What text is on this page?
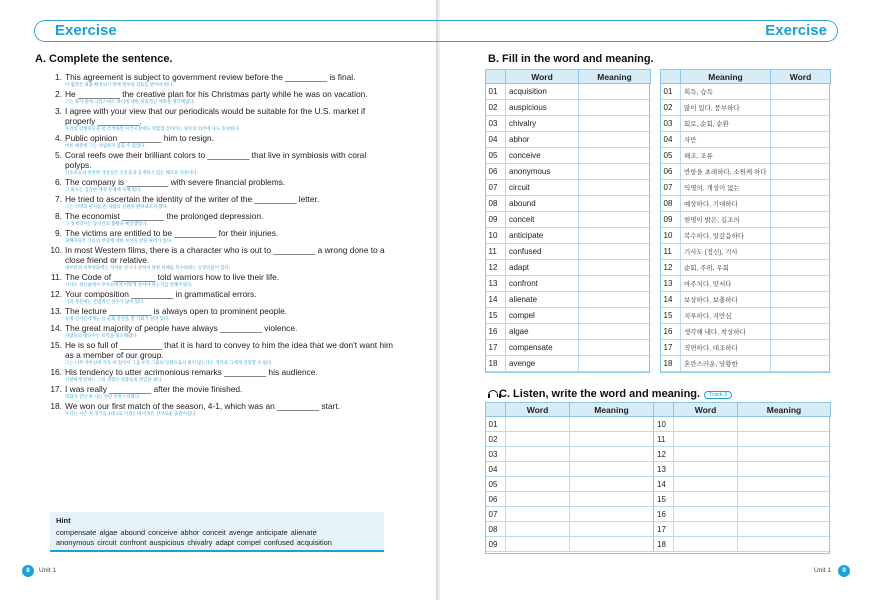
Exercise
A. Complete the sentence.
1. This agreement is subject to government review before the _________ is final.
이 협약은 최종 확정되기 전에 정부의 검토를 받아야 한다.
2. He _________ the creative plan for his Christmas party while he was on vacation.
그는 휴가 중에 크리스마스 파티에 대한 창의적인 계획을 생각해냈다.
3. I agree with your view that our periodicals would be suitable for the U.S. market if properly _________.
우리의 간행물들을 잘 각색하면 미국시장에도 적합할 것이라는 당신의 의견에 나도 동의한다.
4. Public opinion _________ him to resign.
여론 때문에 그는 사임하지 않을 수 없었다.
5. Coral reefs owe their brilliant colors to _________ that live in symbiosis with coral polyps.
산호초들의 찬란한 색상들은 산호충과 공생하고 있는 해조류 덕분이다.
6. The company is _________ with severe financial problems.
그 회사는 심각한 재정 문제에 처해 있다.
7. He tried to ascertain the identity of the writer of the _________ letter.
그는 익명의 편지를 쓴 사람의 신원을 밝혀내고자 했다.
8. The economist _________ the prolonged depression.
그 경제학자는 장기간의 불황을 예상했었다.
9. The victims are entitled to be _________ for their injuries.
피해자들은 그들의 부상에 대한 보상을 받을 권리가 있다.
10. In most Western films, there is a character who is out to _________ a wrong done to a close friend or relative.
대부분의 서부영화에는 가까운 친구나 친척이 당한 피해를 복수하려는 등장인물이 있다.
11. The Code of _________ told warriors how to live their life.
기사도 정신률에서 무사들에게 어떻게 살아야 하는지를 말해주었다.
12. Your composition _________ in grammatical errors.
너의 작문에는 문법적인 실수가 많이 있다.
13. The lecture _________ is always open to prominent people.
유명 인사들에게는 늘 순회 강연을 할 기회가 열려 있다.
14. The great majority of people have always _________ violence.
사람들의 대다수는 폭력을 혐오해왔다.
15. He is so full of _________ that it is hard to convey to him the idea that we don't want him as a member of our group.
그는 너무 자부심에 가득 차 있어서 그를 우리 그룹의 일원으로서 원치 않는다는 생각을 그에게 전달할 수 없다.
16. His tendency to utter acrimonious remarks _________ his audience.
신랄하게 말하는 그의 경향은 청중들의 반감을 샀다.
17. I was really _________ after the movie finished.
영화가 끝난 후 나는 정말 혼란스러웠다.
18. We won our first match of the season, 4-1, which was an _________ start.
우리는 시즌 첫 경기를 4대 1로 이겼는데 이것은 상서로운 출발이었다.
Hint
compensate algae abound conceive abhor conceit avenge anticipate alienate
anonymous circuit confront auspicious chivalry adapt compel confused acquisition
8	Unit 1
Exercise
B. Fill in the word and meaning.
	Word	Meaning
01	acquisition	
02	auspicious	
03	chivalry	
04	abhor	
05	conceive	
06	anonymous	
07	circuit	
08	abound	
09	conceit	
10	anticipate	
11	confused	
12	adapt	
13	confront	
14	alienate	
15	compel	
16	algae	
17	compensate	
18	avenge	
	Meaning	Word
01	획득, 습득	
02	많이 있다, 풍부하다	
03	회로, 순회, 순환	
04	자만	
05	해조, 조류	
06	반항을 초래하다, 소원케 하다	
07	익명의, 개성이 없는	
08	예상하다, 기대하다	
09	현명이 밝은, 길조의	
10	복수하다, 앙갚음하다	
11	기사도 (정신), 기사	
12	순회, 주위, 우회	
13	마주치다, 맞서다	
14	보상하다, 보충하다	
15	지루하다, 지만심	
16	생각해 내다, 착상하다	
17	직면하다, 대조하다	
18	혼란스러운, 당황한	
C. Listen, write the word and meaning. Track 3
	Word	Meaning		Word	Meaning
01			10		
02			11		
03			12		
04			13		
05			14		
06			15		
07			16		
08			17		
09			18		
Unit 1	9
